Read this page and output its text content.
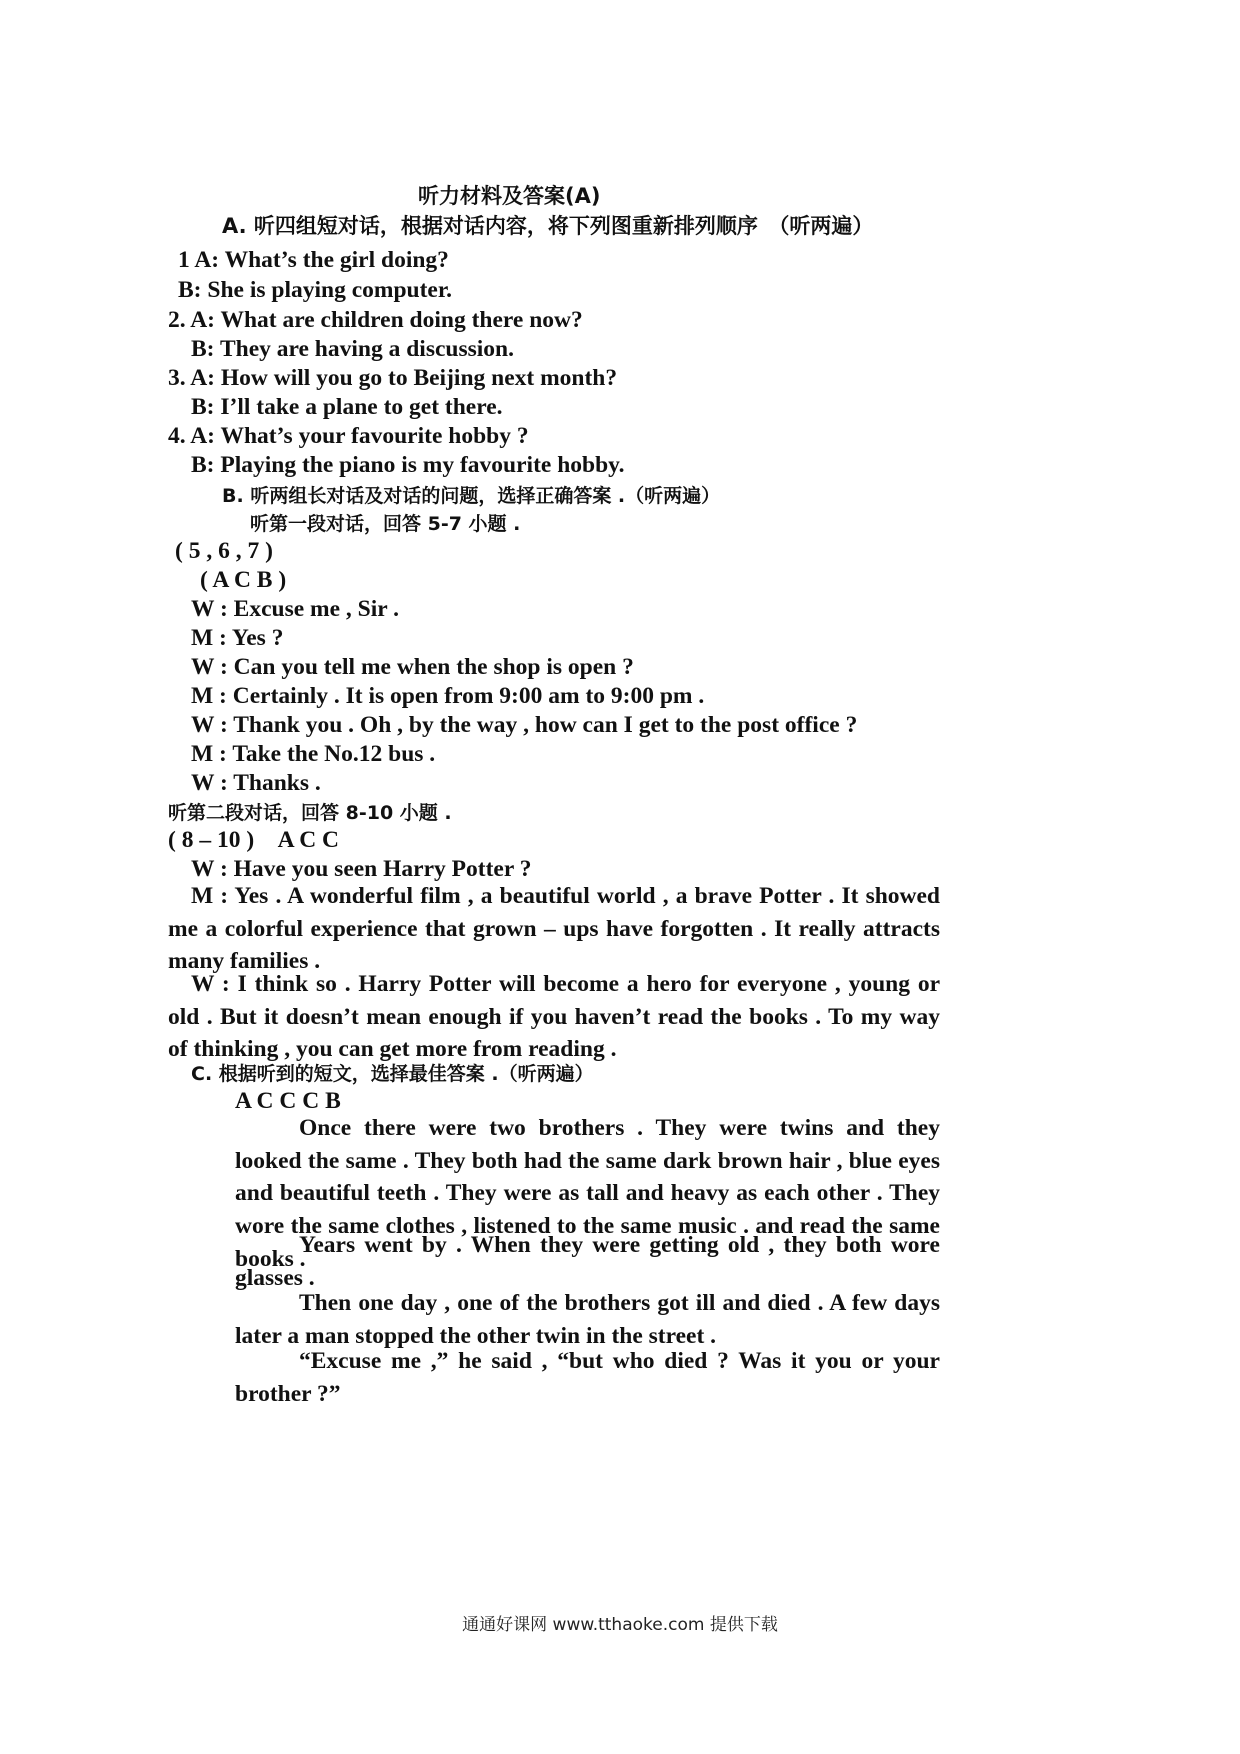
听力材料及答案(A)
A. 听四组短对话，根据对话内容，将下列图重新排列顺序　（听两遍）
1 A: What’s the girl doing?
B: She is playing computer.
2. A: What are children doing there now?
B: They are having a discussion.
3. A: How will you go to Beijing next month?
B: I’ll take a plane to get there.
4. A: What’s your favourite hobby ?
B: Playing the piano is my favourite hobby.
B. 听两组长对话及对话的问题，选择正确答案 .（听两遍）
听第一段对话，回答 5-7 小题 .
( 5 , 6 , 7 )
( A C B )
W : Excuse me , Sir .
M : Yes ?
W : Can you tell me when the shop is open ?
M : Certainly . It is open from 9:00 am to 9:00 pm .
W : Thank you . Oh , by the way , how can I get to the post office ?
M : Take the No.12 bus .
W : Thanks .
听第二段对话，回答 8-10 小题 .
( 8 – 10 )　A C C
W : Have you seen Harry Potter ?
M : Yes . A wonderful film , a beautiful world , a brave Potter . It showed me a colorful experience that grown – ups have forgotten . It really attracts many families .
W : I think so . Harry Potter will become a hero for everyone , young or old . But it doesn’t mean enough if you haven’t read the books . To my way of thinking , you can get more from reading .
C. 根据听到的短文，选择最佳答案 .（听两遍）
A C C C B
Once there were two brothers . They were twins and they looked the same . They both had the same dark brown hair , blue eyes and beautiful teeth . They were as tall and heavy as each other . They wore the same clothes , listened to the same music . and read the same books .
Years went by . When they were getting old , they both wore glasses .
Then one day , one of the brothers got ill and died . A few days later a man stopped the other twin in the street .
“Excuse me ,” he said , “but who died ? Was it you or your brother ?”
通通好课网 www.tthaoke.com 提供下载
